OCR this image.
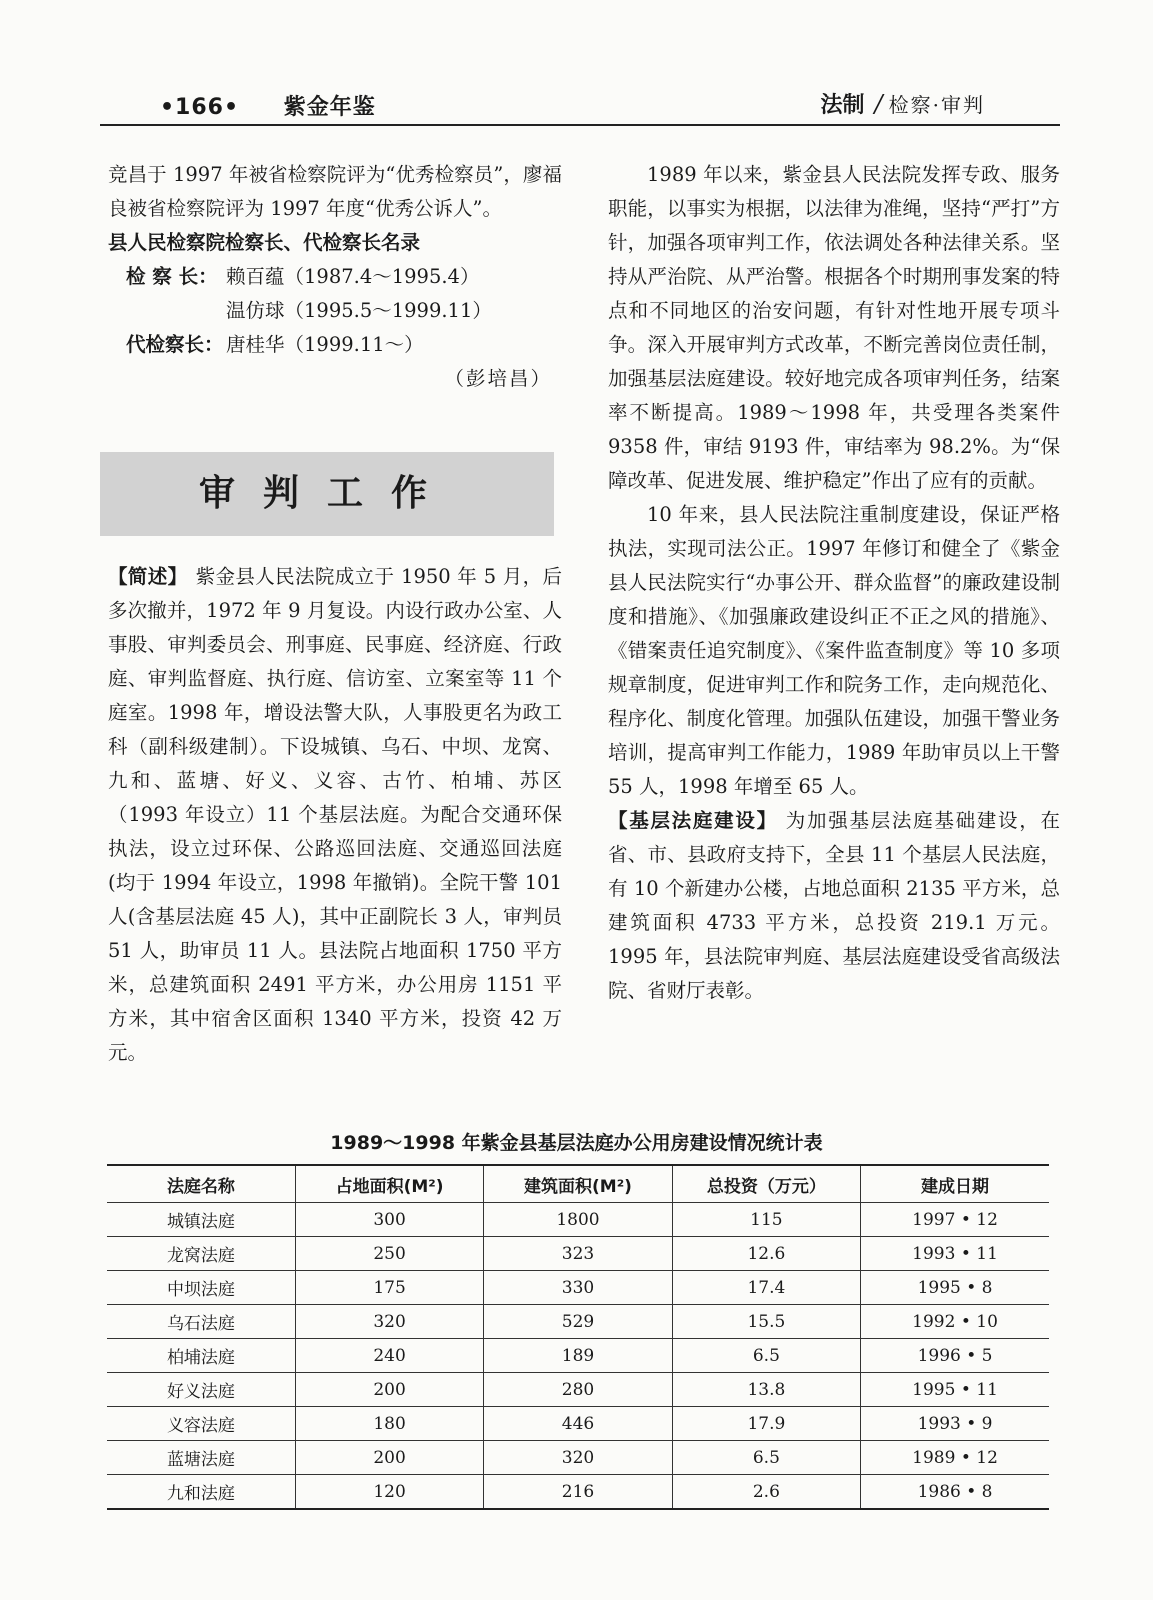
•166• 紫金年鉴	法制 / 检察·审判

竞昌于 1997 年被省检察院评为“优秀检察员”，廖福良被省检察院评为 1997 年度“优秀公诉人”。

县人民检察院检察长、代检察长名录

检 察 长： 赖百蕴（1987.4～1995.4）
温仿球（1995.5～1999.11）
代检察长： 唐桂华（1999.11～）

（彭培昌）

审判工作

【简述】 紫金县人民法院成立于 1950 年 5 月，后多次撤并，1972 年 9 月复设。内设行政办公室、人事股、审判委员会、刑事庭、民事庭、经济庭、行政庭、审判监督庭、执行庭、信访室、立案室等 11 个庭室。1998 年，增设法警大队，人事股更名为政工科（副科级建制）。下设城镇、乌石、中坝、龙窝、九和、蓝塘、好义、义容、古竹、柏埔、苏区（1993 年设立）11 个基层法庭。为配合交通环保执法，设立过环保、公路巡回法庭、交通巡回法庭(均于 1994 年设立，1998 年撤销)。全院干警 101 人(含基层法庭 45 人)，其中正副院长 3 人，审判员 51 人，助审员 11 人。县法院占地面积 1750 平方米，总建筑面积 2491 平方米，办公用房 1151 平方米，其中宿舍区面积 1340 平方米，投资 42 万元。

1989 年以来，紫金县人民法院发挥专政、服务职能，以事实为根据，以法律为准绳，坚持“严打”方针，加强各项审判工作，依法调处各种法律关系。坚持从严治院、从严治警。根据各个时期刑事发案的特点和不同地区的治安问题，有针对性地开展专项斗争。深入开展审判方式改革，不断完善岗位责任制，加强基层法庭建设。较好地完成各项审判任务，结案率不断提高。1989～1998 年，共受理各类案件 9358 件，审结 9193 件，审结率为 98.2%。为“保障改革、促进发展、维护稳定”作出了应有的贡献。

10 年来，县人民法院注重制度建设，保证严格执法，实现司法公正。1997 年修订和健全了《紫金县人民法院实行“办事公开、群众监督”的廉政建设制度和措施》、《加强廉政建设纠正不正之风的措施》、《错案责任追究制度》、《案件监查制度》等 10 多项规章制度，促进审判工作和院务工作，走向规范化、程序化、制度化管理。加强队伍建设，加强干警业务培训，提高审判工作能力，1989 年助审员以上干警 55 人，1998 年增至 65 人。

【基层法庭建设】 为加强基层法庭基础建设，在省、市、县政府支持下，全县 11 个基层人民法庭，有 10 个新建办公楼，占地总面积 2135 平方米，总建筑面积 4733 平方米，总投资 219.1 万元。1995 年，县法院审判庭、基层法庭建设受省高级法院、省财厅表彰。

1989～1998 年紫金县基层法庭办公用房建设情况统计表
法庭名称	占地面积(M²)	建筑面积(M²)	总投资（万元）	建成日期
城镇法庭	300	1800	115	1997 • 12
龙窝法庭	250	323	12.6	1993 • 11
中坝法庭	175	330	17.4	1995 • 8
乌石法庭	320	529	15.5	1992 • 10
柏埔法庭	240	189	6.5	1996 • 5
好义法庭	200	280	13.8	1995 • 11
义容法庭	180	446	17.9	1993 • 9
蓝塘法庭	200	320	6.5	1989 • 12
九和法庭	120	216	2.6	1986 • 8
